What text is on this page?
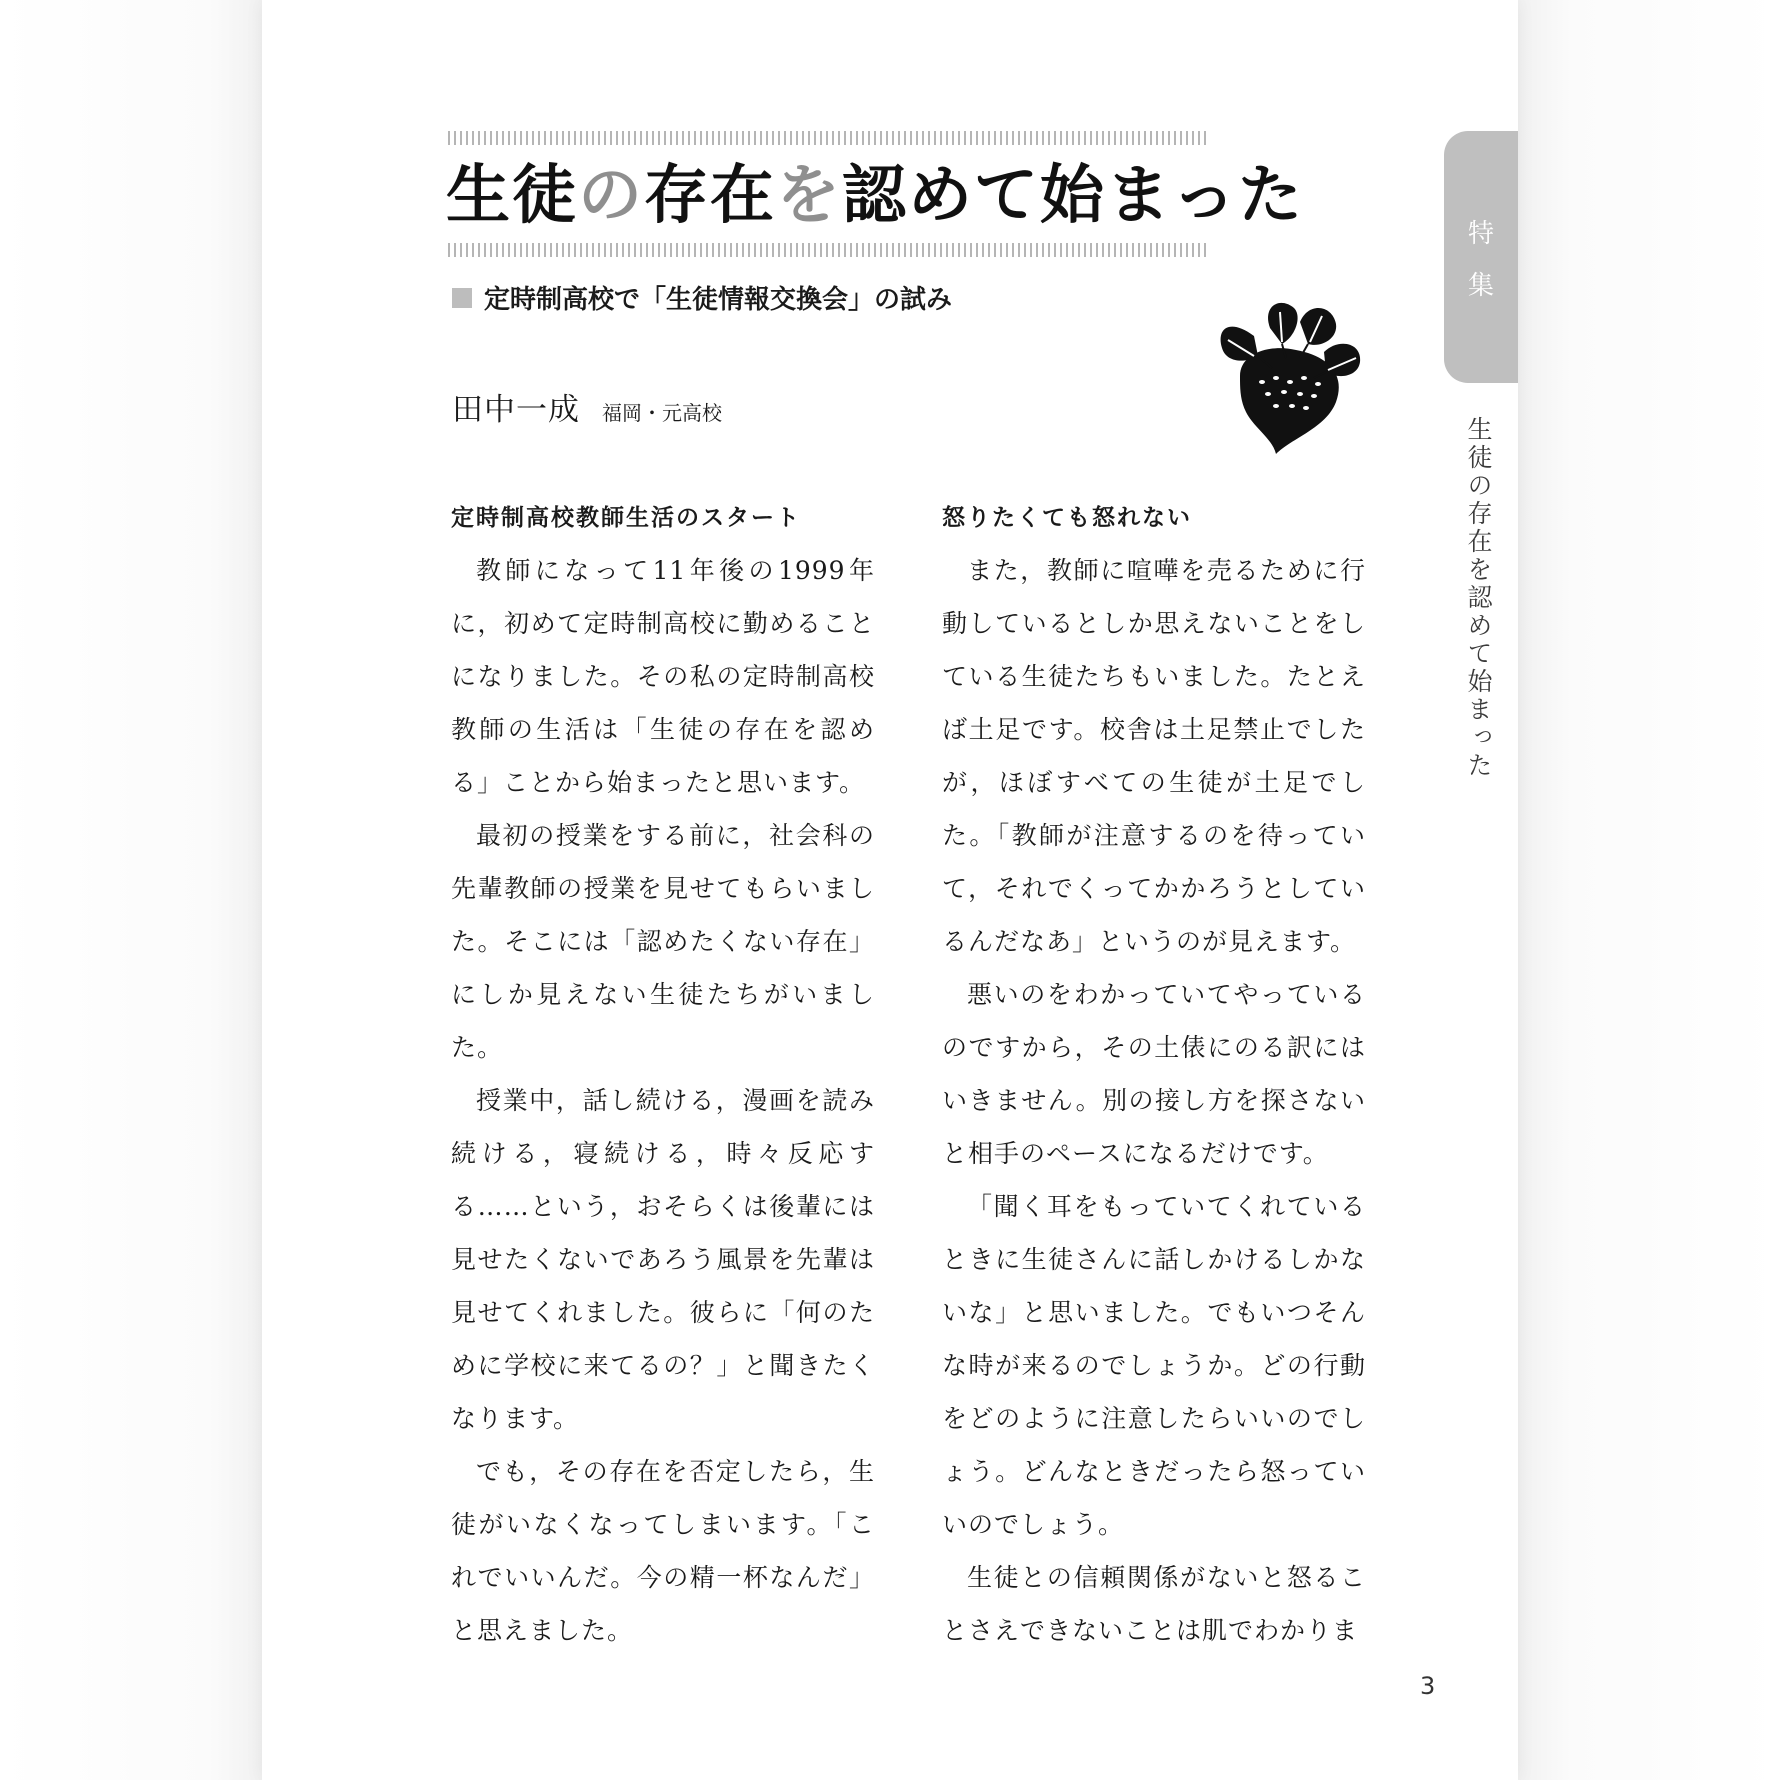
生徒の存在を認めて始まった
定時制高校で「生徒情報交換会」の試み
田中一成 福岡・元高校
特
集
生徒の存在を認めて始まった
定時制高校教師生活のスタート

教師になって11年後の1999年に，初めて定時制高校に勤めることになりました。その私の定時制高校教師の生活は「生徒の存在を認める」ことから始まったと思います。

最初の授業をする前に，社会科の先輩教師の授業を見せてもらいました。そこには「認めたくない存在」にしか見えない生徒たちがいました。

授業中，話し続ける，漫画を読み続ける，寝続ける，時々反応する……という，おそらくは後輩には見せたくないであろう風景を先輩は見せてくれました。彼らに「何のために学校に来てるの？」と聞きたくなります。

でも，その存在を否定したら，生徒がいなくなってしまいます。「これでいいんだ。今の精一杯なんだ」と思えました。

怒りたくても怒れない

また，教師に喧嘩を売るために行動しているとしか思えないことをしている生徒たちもいました。たとえば土足です。校舎は土足禁止でしたが，ほぼすべての生徒が土足でした。「教師が注意するのを待っていて，それでくってかかろうとしているんだなあ」というのが見えます。

悪いのをわかっていてやっているのですから，その土俵にのる訳にはいきません。別の接し方を探さないと相手のペースになるだけです。

「聞く耳をもっていてくれているときに生徒さんに話しかけるしかないな」と思いました。でもいつそんな時が来るのでしょうか。どの行動をどのように注意したらいいのでしょう。どんなときだったら怒っていいのでしょう。

生徒との信頼関係がないと怒ることさえできないことは肌でわかりま

3
